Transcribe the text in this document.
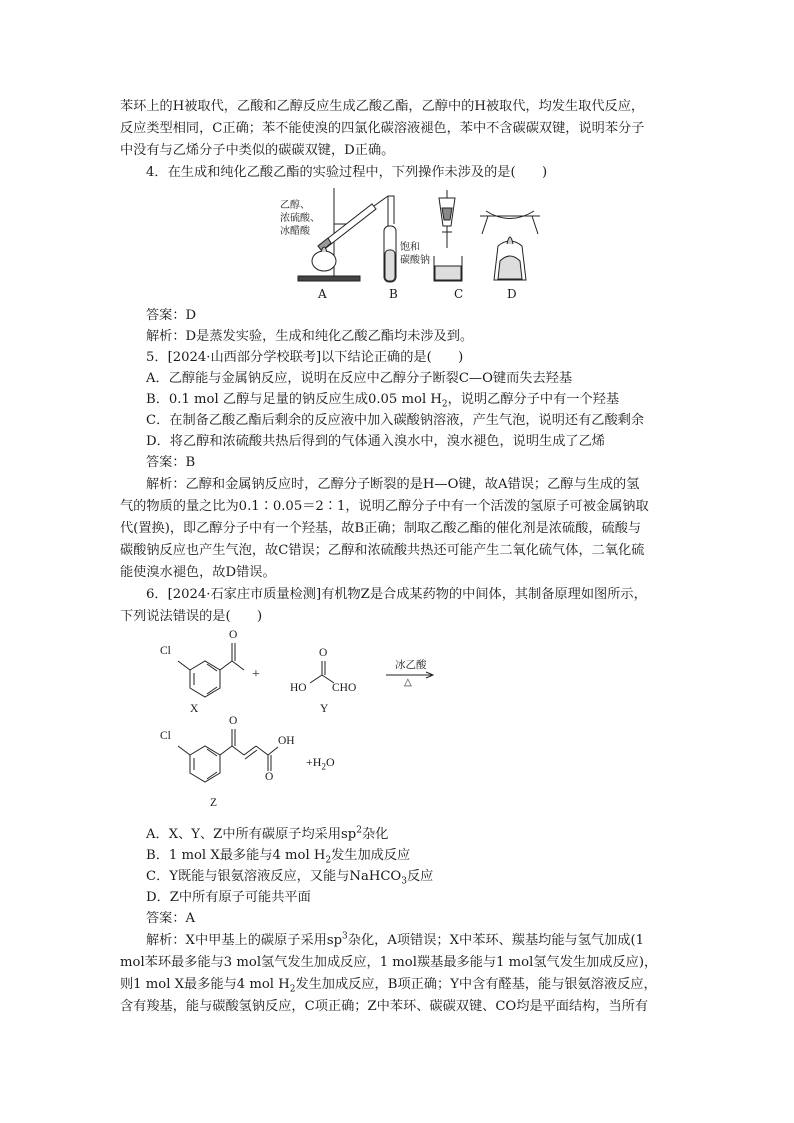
苯环上的H被取代，乙酸和乙醇反应生成乙酸乙酯，乙醇中的H被取代，均发生取代反应，

反应类型相同，C正确；苯不能使溴的四氯化碳溶液褪色，苯中不含碳碳双键，说明苯分子

中没有与乙烯分子中类似的碳碳双键，D正确。

4．在生成和纯化乙酸乙酯的实验过程中，下列操作未涉及的是(　　)

乙醇、
浓硫酸、
冰醋酸
饱和
碳酸钠
A	B	C	D

答案：D

解析：D是蒸发实验，生成和纯化乙酸乙酯均未涉及到。

5．[2024·山西部分学校联考]以下结论正确的是(　　)

A．乙醇能与金属钠反应，说明在反应中乙醇分子断裂C—O键而失去羟基

B．0.1 mol 乙醇与足量的钠反应生成0.05 mol $H_2$，说明乙醇分子中有一个羟基

C．在制备乙酸乙酯后剩余的反应液中加入碳酸钠溶液，产生气泡，说明还有乙酸剩余

D．将乙醇和浓硫酸共热后得到的气体通入溴水中，溴水褪色，说明生成了乙烯

答案：B

解析：乙醇和金属钠反应时，乙醇分子断裂的是H—O键，故A错误；乙醇与生成的氢

气的物质的量之比为0.1∶0.05＝2∶1，说明乙醇分子中有一个活泼的氢原子可被金属钠取

代(置换)，即乙醇分子中有一个羟基，故B正确；制取乙酸乙酯的催化剂是浓硫酸，硫酸与

碳酸钠反应也产生气泡，故C错误；乙醇和浓硫酸共热还可能产生二氧化硫气体，二氧化硫

能使溴水褪色，故D错误。

6．[2024·石家庄市质量检测]有机物Z是合成某药物的中间体，其制备原理如图所示，

下列说法错误的是(　　)

Cl
O
+
O
HO CHO
冰乙酸
△
X	Y
Cl
O
OH
O
$+H_2O$
Z

A．X、Y、Z中所有碳原子均采用$sp^2$杂化

B．1 mol X最多能与4 mol $H_2$发生加成反应

C．Y既能与银氨溶液反应，又能与NaHCO$_3$反应

D．Z中所有原子可能共平面

答案：A

解析：X中甲基上的碳原子采用$sp^3$杂化，A项错误；X中苯环、羰基均能与氢气加成(1

mol苯环最多能与3 mol氢气发生加成反应，1 mol羰基最多能与1 mol氢气发生加成反应)，

则1 mol X最多能与4 mol $H_2$发生加成反应，B项正确；Y中含有醛基，能与银氨溶液反应，

含有羧基，能与碳酸氢钠反应，C项正确；Z中苯环、碳碳双键、CO均是平面结构，当所有
